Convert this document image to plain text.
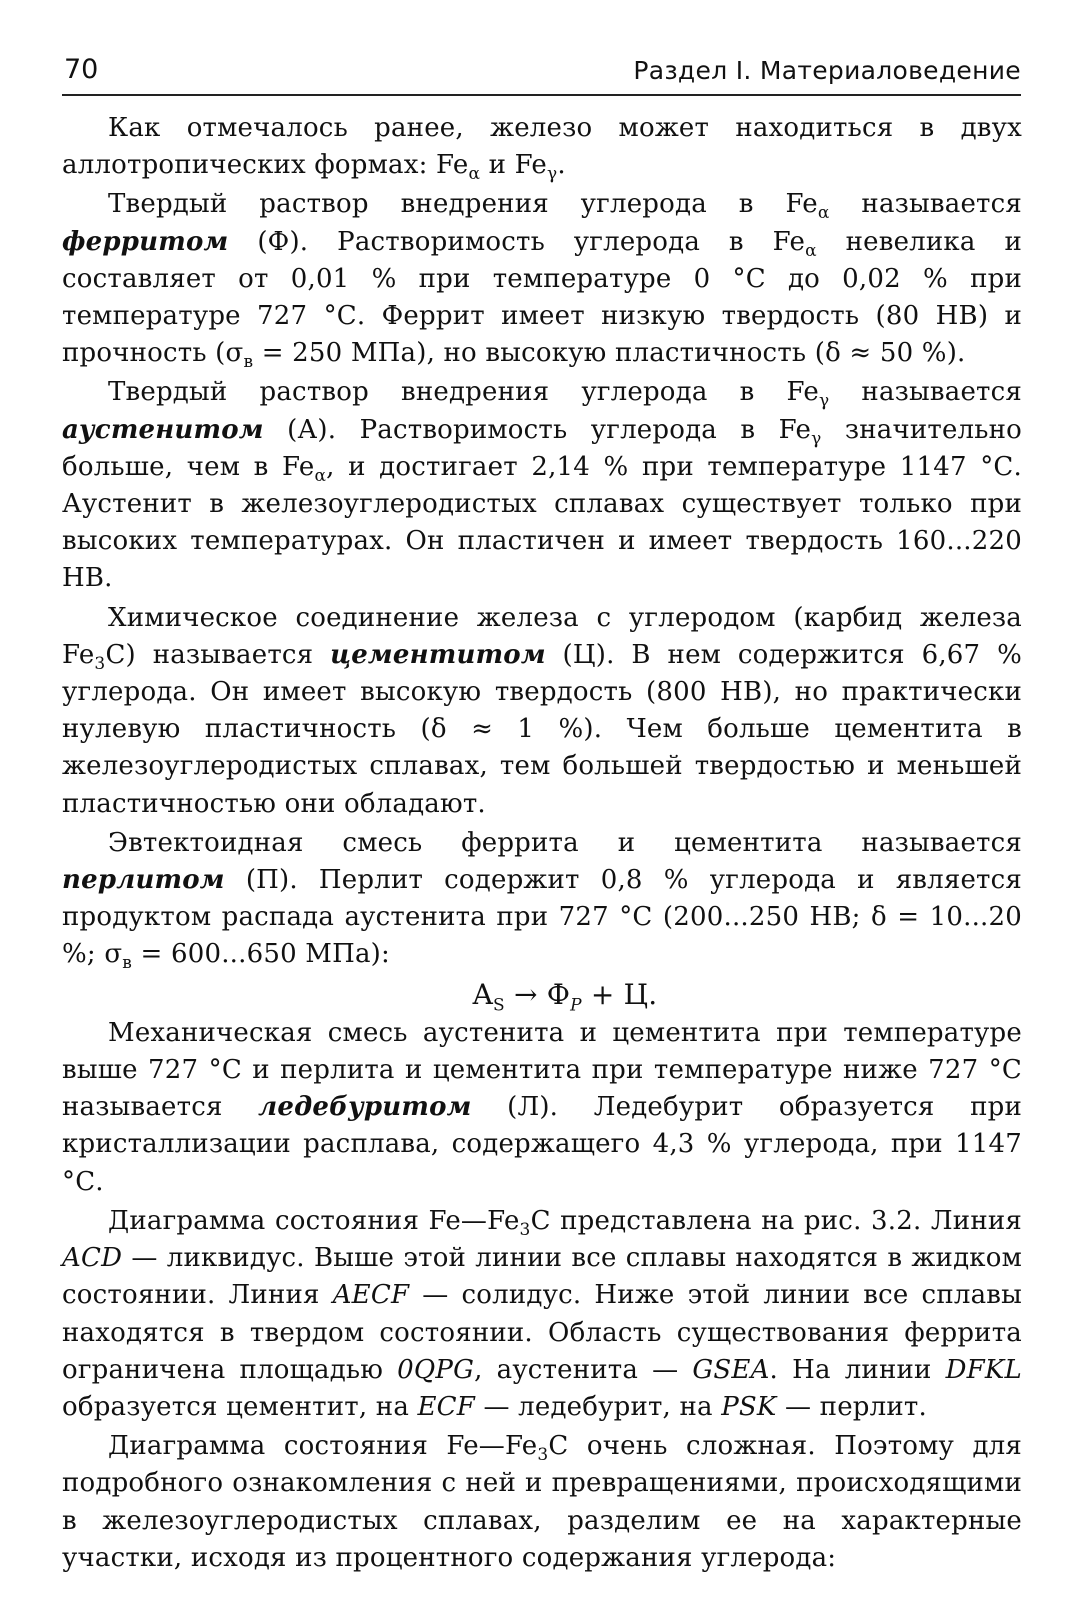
70	Раздел I. Материаловедение

Как отмечалось ранее, железо может находиться в двух аллотропических формах: $Fe_\alpha$ и $Fe_\gamma$.

Твердый раствор внедрения углерода в $Fe_\alpha$ называется ферритом (Ф). Растворимость углерода в $Fe_\alpha$ невелика и составляет от 0,01 % при температуре 0 °С до 0,02 % при температуре 727 °С. Феррит имеет низкую твердость (80 НВ) и прочность ($\sigma_в = 250$ МПа), но высокую пластичность (δ ≈ 50 %).

Твердый раствор внедрения углерода в $Fe_\gamma$ называется аустенитом (А). Растворимость углерода в $Fe_\gamma$ значительно больше, чем в $Fe_\alpha$, и достигает 2,14 % при температуре 1147 °С. Аустенит в железоуглеродистых сплавах существует только при высоких температурах. Он пластичен и имеет твердость 160...220 НВ.

Химическое соединение железа с углеродом (карбид железа $Fe_3С$) называется цементитом (Ц). В нем содержится 6,67 % углерода. Он имеет высокую твердость (800 НВ), но практически нулевую пластичность (δ ≈ 1 %). Чем больше цементита в железоуглеродистых сплавах, тем большей твердостью и меньшей пластичностью они обладают.

Эвтектоидная смесь феррита и цементита называется перлитом (П). Перлит содержит 0,8 % углерода и является продуктом распада аустенита при 727 °С (200...250 НВ; δ = 10...20 %; $\sigma_в = 600...650$ МПа):

$A_S \to Ф_P + Ц$.

Механическая смесь аустенита и цементита при температуре выше 727 °С и перлита и цементита при температуре ниже 727 °С называется ледебуритом (Л). Ледебурит образуется при кристаллизации расплава, содержащего 4,3 % углерода, при 1147 °С.

Диаграмма состояния $Fe—Fe_3С$ представлена на рис. 3.2. Линия ACD — ликвидус. Выше этой линии все сплавы находятся в жидком состоянии. Линия AECF — солидус. Ниже этой линии все сплавы находятся в твердом состоянии. Область существования феррита ограничена площадью 0QPG, аустенита — GSEA. На линии DFKL образуется цементит, на ECF — ледебурит, на PSK — перлит.

Диаграмма состояния $Fe—Fe_3С$ очень сложная. Поэтому для подробного ознакомления с ней и превращениями, происходящими в железоуглеродистых сплавах, разделим ее на характерные участки, исходя из процентного содержания углерода:
